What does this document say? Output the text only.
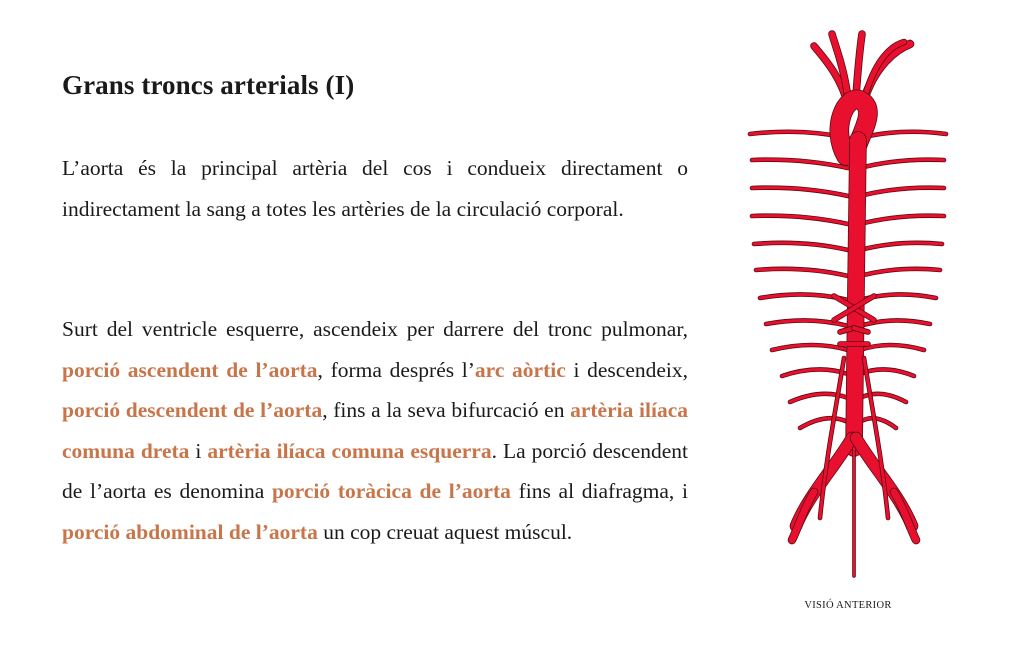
Grans troncs arterials (I)

L’aorta és la principal artèria del cos i condueix directament o indirectament la sang a totes les artèries de la circulació corporal.

Surt del ventricle esquerre, ascendeix per darrere del tronc pulmonar, porció ascendent de l’aorta, forma després l’arc aòrtic i descendeix, porció descendent de l’aorta, fins a la seva bifurcació en artèria ilíaca comuna dreta i artèria ilíaca comuna esquerra. La porció descendent de l’aorta es denomina porció toràcica de l’aorta fins al diafragma, i porció abdominal de l’aorta un cop creuat aquest múscul.

VISIÓ ANTERIOR
